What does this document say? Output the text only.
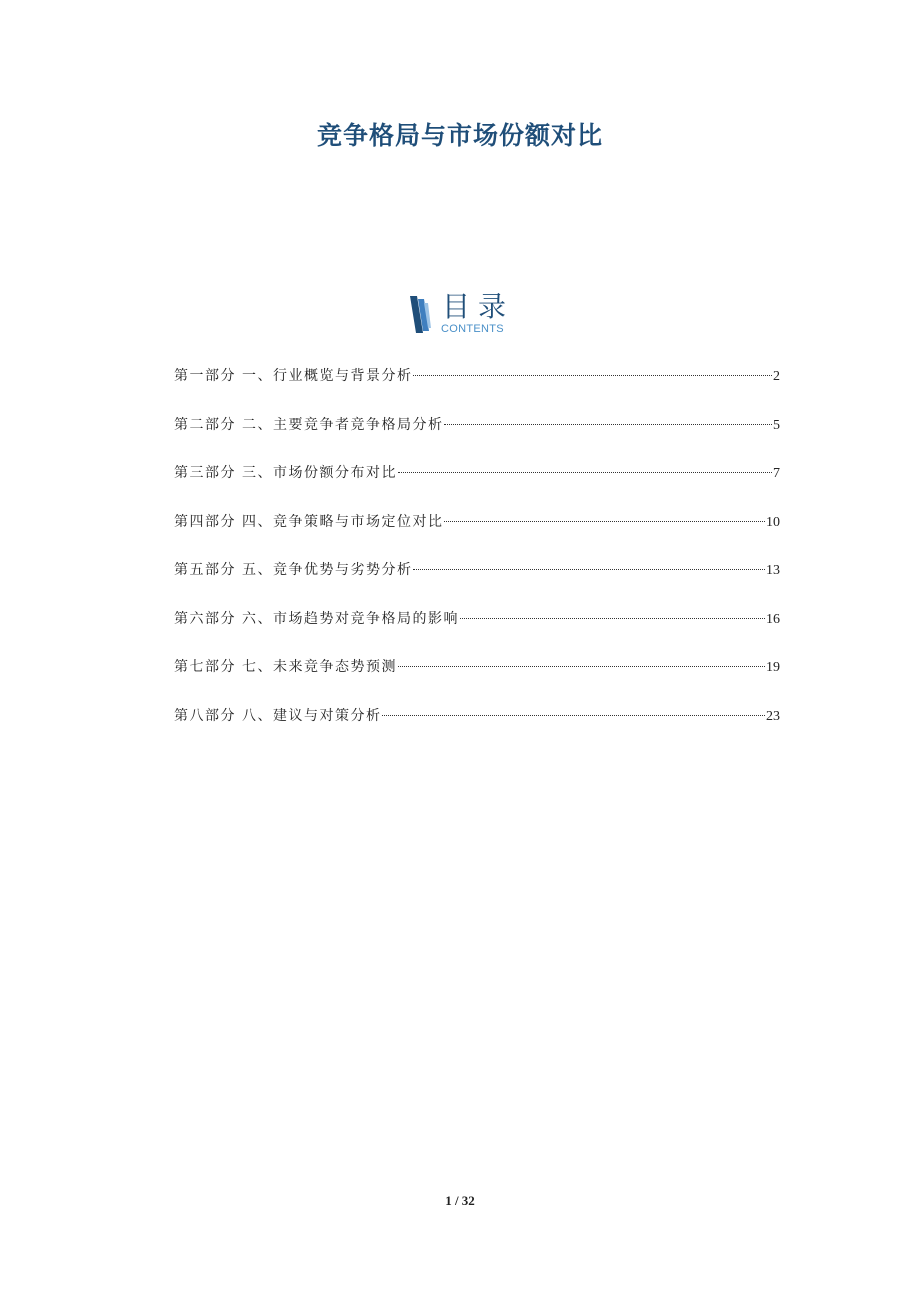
竞争格局与市场份额对比
目录
CONTENTS
第一部分 一、行业概览与背景分析	2
第二部分 二、主要竞争者竞争格局分析	5
第三部分 三、市场份额分布对比	7
第四部分 四、竞争策略与市场定位对比	10
第五部分 五、竞争优势与劣势分析	13
第六部分 六、市场趋势对竞争格局的影响	16
第七部分 七、未来竞争态势预测	19
第八部分 八、建议与对策分析	23
1 / 32
